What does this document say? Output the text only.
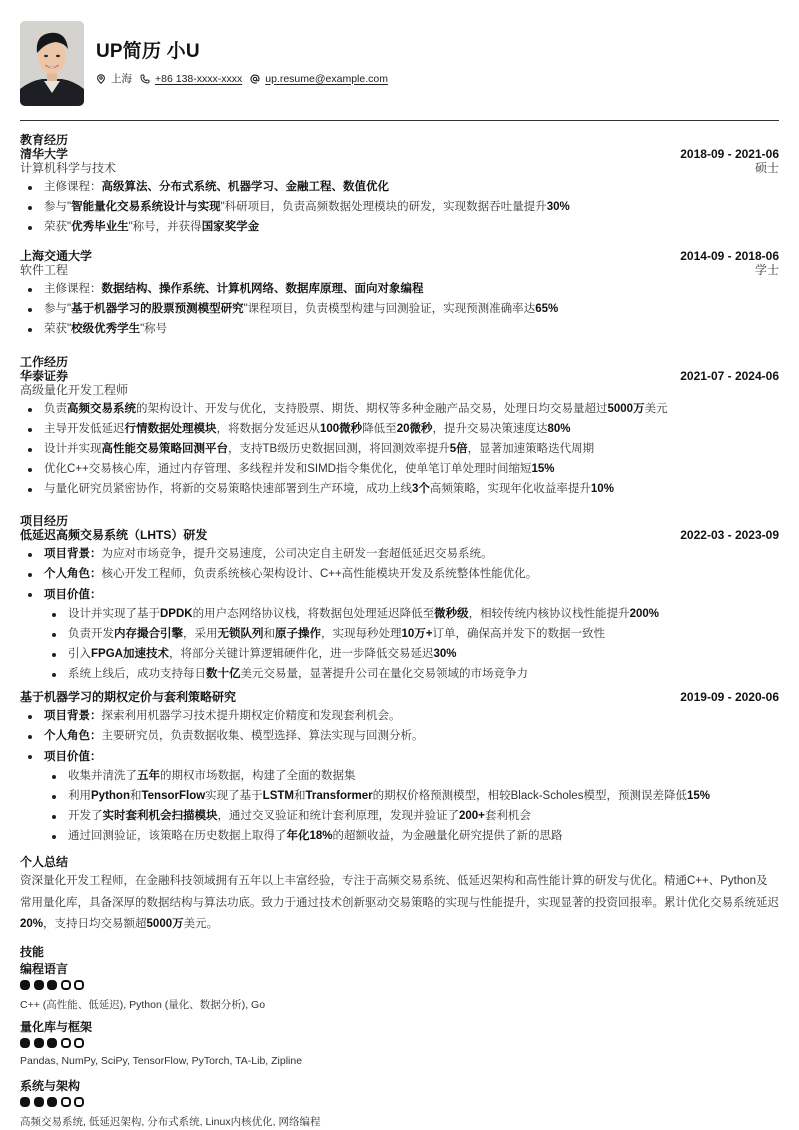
UP简历 小U
上海 +86 138-xxxx-xxxx up.resume@example.com
教育经历
清华大学	2018-09 - 2021-06
计算机科学与技术	硕士
主修课程：高级算法、分布式系统、机器学习、金融工程、数值优化
参与"智能量化交易系统设计与实现"科研项目，负责高频数据处理模块的研发，实现数据吞吐量提升30%
荣获"优秀毕业生"称号，并获得国家奖学金
上海交通大学	2014-09 - 2018-06
软件工程	学士
主修课程：数据结构、操作系统、计算机网络、数据库原理、面向对象编程
参与"基于机器学习的股票预测模型研究"课程项目，负责模型构建与回测验证，实现预测准确率达65%
荣获"校级优秀学生"称号
工作经历
华泰证券	2021-07 - 2024-06
高级量化开发工程师
负责高频交易系统的架构设计、开发与优化，支持股票、期货、期权等多种金融产品交易，处理日均交易量超过5000万美元
主导开发低延迟行情数据处理模块，将数据分发延迟从100微秒降低至20微秒，提升交易决策速度达80%
设计并实现高性能交易策略回测平台，支持TB级历史数据回测，将回测效率提升5倍，显著加速策略迭代周期
优化C++交易核心库，通过内存管理、多线程并发和SIMD指令集优化，使单笔订单处理时间缩短15%
与量化研究员紧密协作，将新的交易策略快速部署到生产环境，成功上线3个高频策略，实现年化收益率提升10%
项目经历
低延迟高频交易系统（LHTS）研发	2022-03 - 2023-09
项目背景：为应对市场竞争，提升交易速度，公司决定自主研发一套超低延迟交易系统。
个人角色：核心开发工程师，负责系统核心架构设计、C++高性能模块开发及系统整体性能优化。
项目价值：
设计并实现了基于DPDK的用户态网络协议栈，将数据包处理延迟降低至微秒级，相较传统内核协议栈性能提升200%
负责开发内存撮合引擎，采用无锁队列和原子操作，实现每秒处理10万+订单，确保高并发下的数据一致性
引入FPGA加速技术，将部分关键计算逻辑硬件化，进一步降低交易延迟30%
系统上线后，成功支持每日数十亿美元交易量，显著提升公司在量化交易领域的市场竞争力
基于机器学习的期权定价与套利策略研究	2019-09 - 2020-06
项目背景：探索利用机器学习技术提升期权定价精度和发现套利机会。
个人角色：主要研究员，负责数据收集、模型选择、算法实现与回测分析。
项目价值：
收集并清洗了五年的期权市场数据，构建了全面的数据集
利用Python和TensorFlow实现了基于LSTM和Transformer的期权价格预测模型，相较Black-Scholes模型，预测误差降低15%
开发了实时套利机会扫描模块，通过交叉验证和统计套利原理，发现并验证了200+套利机会
通过回测验证，该策略在历史数据上取得了年化18%的超额收益，为金融量化研究提供了新的思路
个人总结
资深量化开发工程师，在金融科技领域拥有五年以上丰富经验，专注于高频交易系统、低延迟架构和高性能计算的研发与优化。精通C++、Python及常用量化库，具备深厚的数据结构与算法功底。致力于通过技术创新驱动交易策略的实现与性能提升，实现显著的投资回报率。累计优化交易系统延迟20%，支持日均交易额超5000万美元。
技能
编程语言
C++ (高性能、低延迟), Python (量化、数据分析), Go
量化库与框架
Pandas, NumPy, SciPy, TensorFlow, PyTorch, TA-Lib, Zipline
系统与架构
高频交易系统, 低延迟架构, 分布式系统, Linux内核优化, 网络编程
